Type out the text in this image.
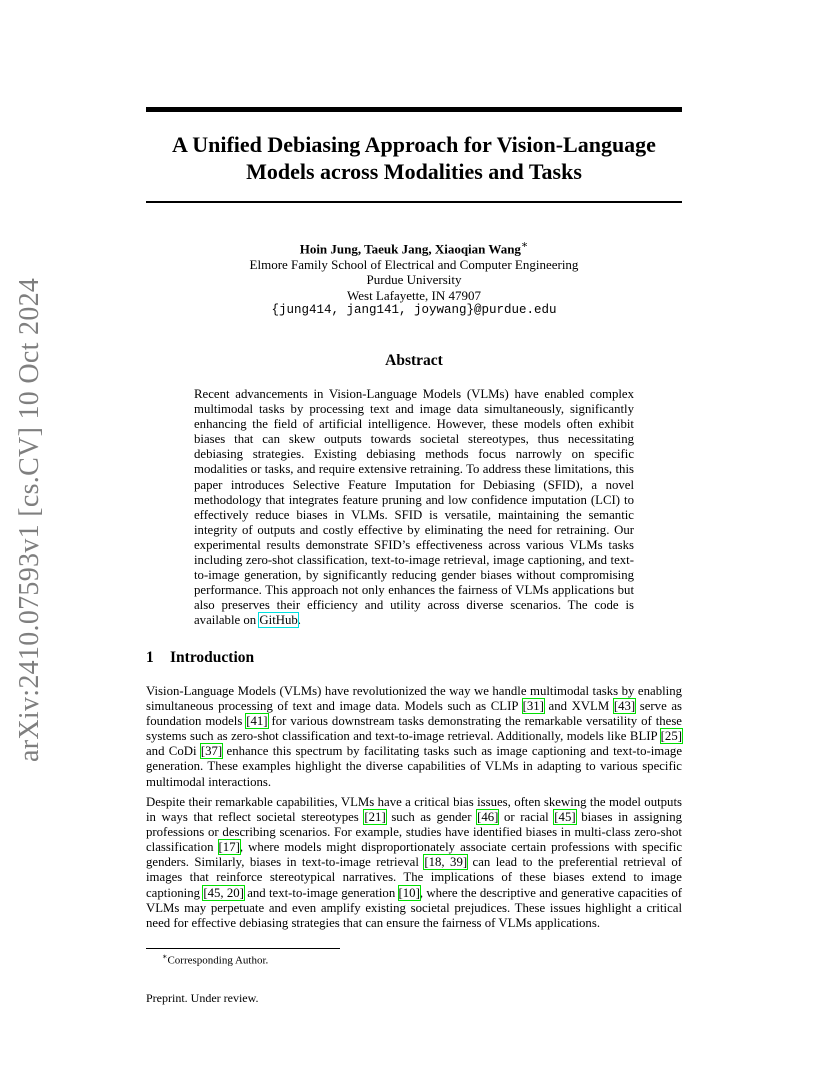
arXiv:2410.07593v1 [cs.CV] 10 Oct 2024
A Unified Debiasing Approach for Vision-Language Models across Modalities and Tasks
Hoin Jung, Taeuk Jang, Xiaoqian Wang∗
Elmore Family School of Electrical and Computer Engineering
Purdue University
West Lafayette, IN 47907
{jung414, jang141, joywang}@purdue.edu
Abstract

Recent advancements in Vision-Language Models (VLMs) have enabled complex multimodal tasks by processing text and image data simultaneously, significantly enhancing the field of artificial intelligence. However, these models often exhibit biases that can skew outputs towards societal stereotypes, thus necessitating debiasing strategies. Existing debiasing methods focus narrowly on specific modalities or tasks, and require extensive retraining. To address these limitations, this paper introduces Selective Feature Imputation for Debiasing (SFID), a novel methodology that integrates feature pruning and low confidence imputation (LCI) to effectively reduce biases in VLMs. SFID is versatile, maintaining the semantic integrity of outputs and costly effective by eliminating the need for retraining. Our experimental results demonstrate SFID’s effectiveness across various VLMs tasks including zero-shot classification, text-to-image retrieval, image captioning, and text-to-image generation, by significantly reducing gender biases without compromising performance. This approach not only enhances the fairness of VLMs applications but also preserves their efficiency and utility across diverse scenarios. The code is available on GitHub.

1 Introduction

Vision-Language Models (VLMs) have revolutionized the way we handle multimodal tasks by enabling simultaneous processing of text and image data. Models such as CLIP [31] and XVLM [43] serve as foundation models [41] for various downstream tasks demonstrating the remarkable versatility of these systems such as zero-shot classification and text-to-image retrieval. Additionally, models like BLIP [25] and CoDi [37] enhance this spectrum by facilitating tasks such as image captioning and text-to-image generation. These examples highlight the diverse capabilities of VLMs in adapting to various specific multimodal interactions.

Despite their remarkable capabilities, VLMs have a critical bias issues, often skewing the model outputs in ways that reflect societal stereotypes [21] such as gender [46] or racial [45] biases in assigning professions or describing scenarios. For example, studies have identified biases in multi-class zero-shot classification [17], where models might disproportionately associate certain professions with specific genders. Similarly, biases in text-to-image retrieval [18, 39] can lead to the preferential retrieval of images that reinforce stereotypical narratives. The implications of these biases extend to image captioning [45, 20] and text-to-image generation [10], where the descriptive and generative capacities of VLMs may perpetuate and even amplify existing societal prejudices. These issues highlight a critical need for effective debiasing strategies that can ensure the fairness of VLMs applications.

∗Corresponding Author.
Preprint. Under review.
